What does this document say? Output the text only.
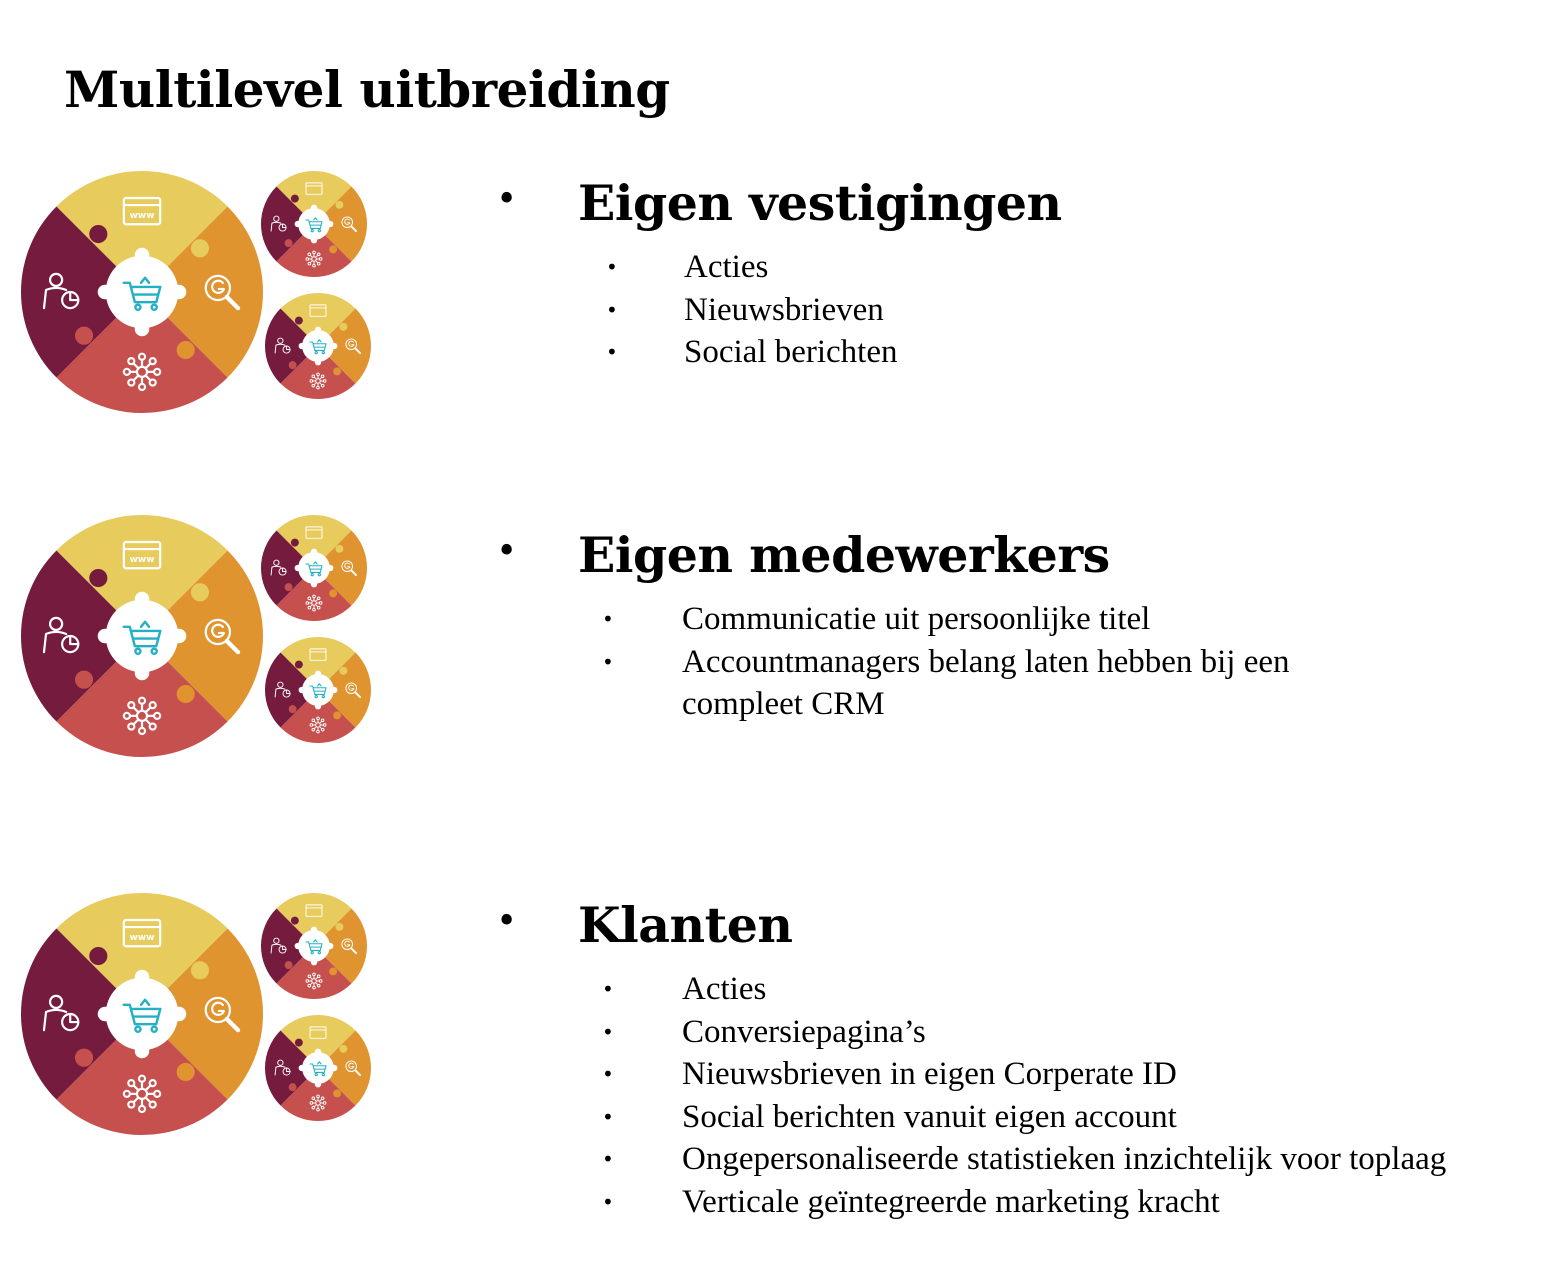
Multilevel uitbreiding
www
www
www
• Eigen vestigingen
• Acties
• Nieuwsbrieven
• Social berichten
• Eigen medewerkers
• Communicatie uit persoonlijke titel
• Accountmanagers belang laten hebben bij een compleet CRM
• Klanten
• Acties
• Conversiepagina’s
• Nieuwsbrieven in eigen Corperate ID
• Social berichten vanuit eigen account
• Ongepersonaliseerde statistieken inzichtelijk voor toplaag
• Verticale geïntegreerde marketing kracht
